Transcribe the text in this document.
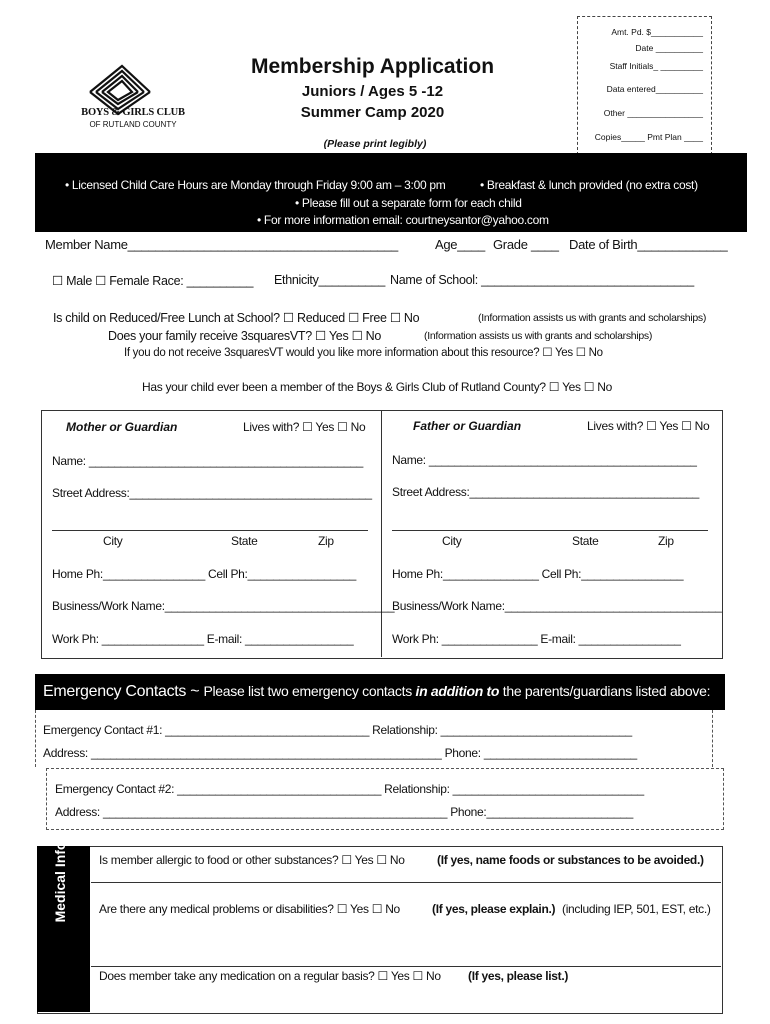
Amt. Pd. $___________
Date __________
Staff Initials_ _________
Data entered__________
Other ________________
Copies_____ Pmt Plan ____
BOYS & GIRLS CLUB
OF RUTLAND COUNTY
Membership Application
Juniors / Ages 5 -12
Summer Camp 2020
(Please print legibly)
• Licensed Child Care Hours are Monday through Friday 9:00 am – 3:00 pm	• Breakfast & lunch provided (no extra cost)
• Please fill out a separate form for each child
• For more information email: courtneysantor@yahoo.com
Member Name_______________________________________	Age____ Grade ____ Date of Birth_____________
☐ Male ☐ Female Race: __________ Ethnicity__________ Name of School: ________________________________
Is child on Reduced/Free Lunch at School? ☐ Reduced ☐ Free ☐ No	(Information assists us with grants and scholarships)
Does your family receive 3squaresVT? ☐ Yes ☐ No	(Information assists us with grants and scholarships)
If you do not receive 3squaresVT would you like more information about this resource? ☐ Yes ☐ No
Has your child ever been a member of the Boys & Girls Club of Rutland County? ☐ Yes ☐ No
Mother or Guardian	Lives with? ☐ Yes ☐ No
Name: ___________________________________________
Street Address:______________________________________
City	State	Zip
Home Ph:________________ Cell Ph:_________________
Business/Work Name:____________________________________
Work Ph: ________________ E-mail: _________________
Father or Guardian	Lives with? ☐ Yes ☐ No
Name: __________________________________________
Street Address:____________________________________
City	State	Zip
Home Ph:_______________ Cell Ph:________________
Business/Work Name:__________________________________
Work Ph: _______________ E-mail: ________________
Emergency Contacts ~ Please list two emergency contacts in addition to the parents/guardians listed above:
Emergency Contact #1: ________________________________ Relationship: ______________________________
Address: _______________________________________________________ Phone: ________________________
Emergency Contact #2: ________________________________ Relationship: ______________________________
Address: ______________________________________________________ Phone:_______________________
Medical Info.	Is member allergic to food or other substances? ☐ Yes ☐ No	(If yes, name foods or substances to be avoided.)
Are there any medical problems or disabilities? ☐ Yes ☐ No	(If yes, please explain.) (including IEP, 501, EST, etc.)
Does member take any medication on a regular basis? ☐ Yes ☐ No (If yes, please list.)
